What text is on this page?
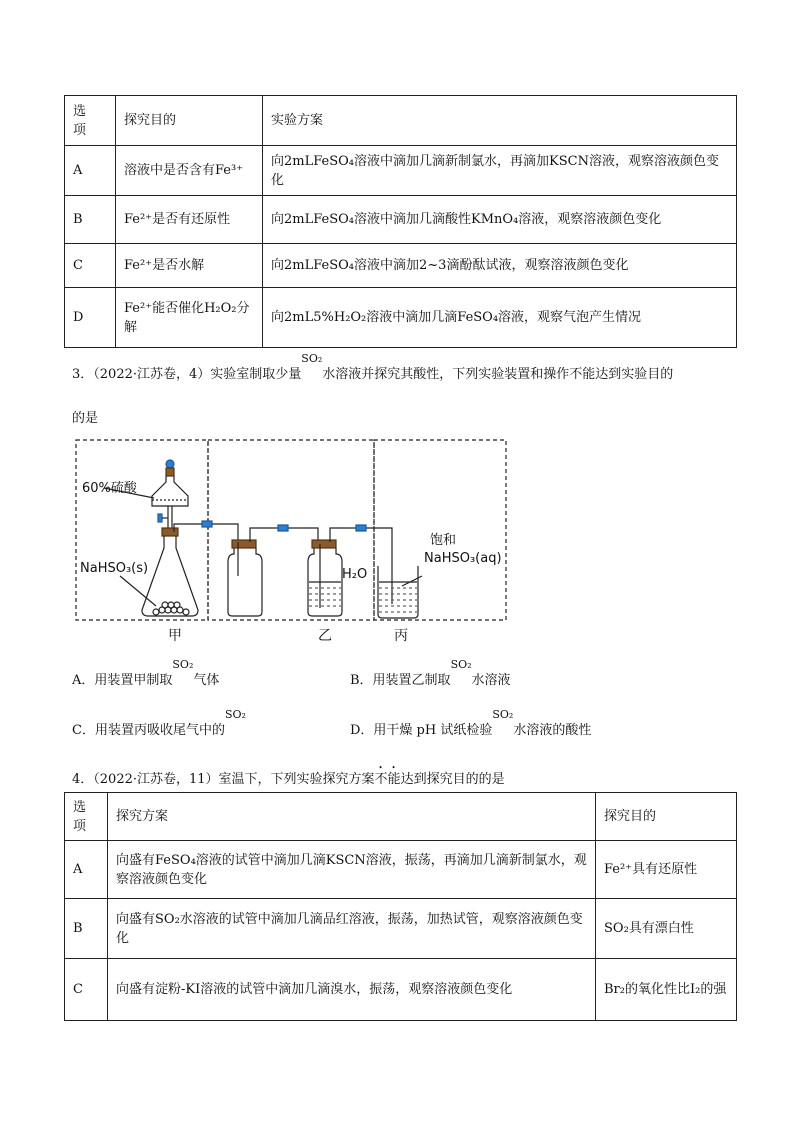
选
项	探究目的	实验方案
A	溶液中是否含有Fe³⁺	向2mLFeSO₄溶液中滴加几滴新制氯水，再滴加KSCN溶液，观察溶液颜色变化
B	Fe²⁺是否有还原性	向2mLFeSO₄溶液中滴加几滴酸性KMnO₄溶液，观察溶液颜色变化
C	Fe²⁺是否水解	向2mLFeSO₄溶液中滴加2~3滴酚酞试液，观察溶液颜色变化
D	Fe²⁺能否催化H₂O₂分解	向2mL5%H₂O₂溶液中滴加几滴FeSO₄溶液，观察气泡产生情况
3．（2022·江苏卷，4）实验室制取少量$^{SO_2}$水溶液并探究其酸性，下列实验装置和操作不能达到实验目的
的是
60%硫酸
NaHSO₃(s)	H₂O
饱和
NaHSO₃(aq)
甲	乙	丙
A．用装置甲制取$^{SO_2}$气体	B．用装置乙制取$^{SO_2}$水溶液
C．用装置丙吸收尾气中的$^{SO_2}$
D．用干燥 pH 试纸检验$^{SO_2}$水溶液的酸性
4．（2022·江苏卷，11）室温下，下列实验探究方案不能达到探究目的的是
选
项	探究方案	探究目的
A	向盛有FeSO₄溶液的试管中滴加几滴KSCN溶液，振荡，再滴加几滴新制氯水，观察溶液颜色变化	Fe²⁺具有还原性
B	向盛有SO₂水溶液的试管中滴加几滴品红溶液，振荡，加热试管，观察溶液颜色变化	SO₂具有漂白性
C	向盛有淀粉-KI溶液的试管中滴加几滴溴水，振荡，观察溶液颜色变化	Br₂的氧化性比I₂的强
